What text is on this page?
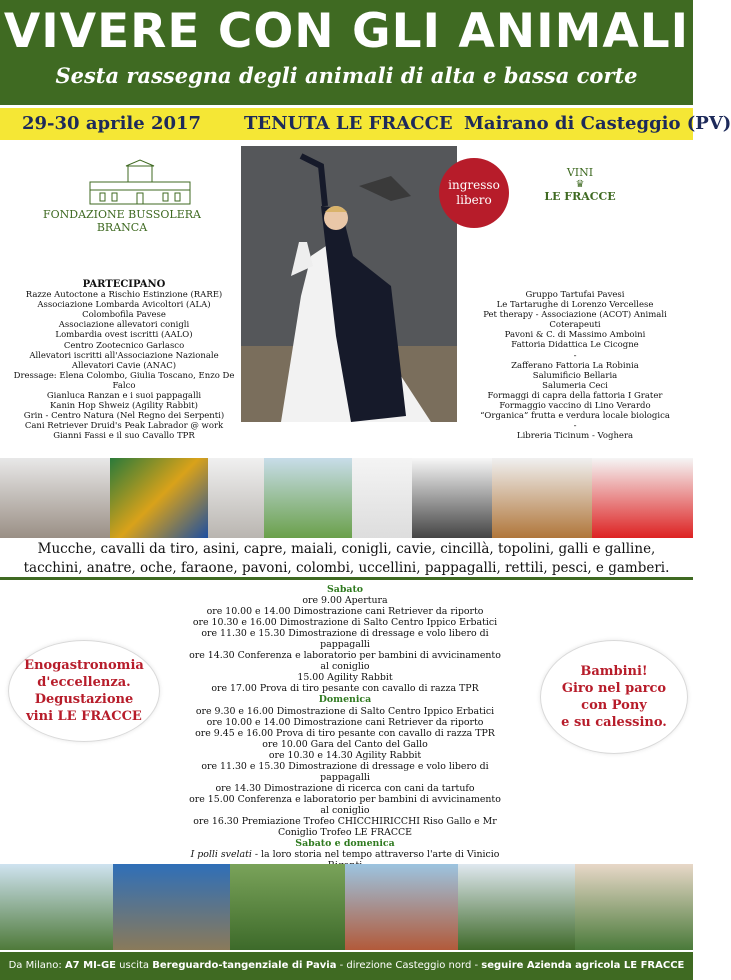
VIVERE CON GLI ANIMALI
Sesta rassegna degli animali di alta e bassa corte
29-30 aprile 2017 TENUTA LE FRACCE Mairano di Casteggio (PV)
FONDAZIONE BUSSOLERA BRANCA
VINI
♛
LE FRACCE
PARTECIPANO
Razze Autoctone a Rischio Estinzione (RARE)
Associazione Lombarda Avicoltori (ALA)
Colombofila Pavese
Associazione allevatori conigli
Lombardia ovest iscritti (AALO)
Centro Zootecnico Garlasco
Allevatori iscritti all'Associazione Nazionale
Allevatori Cavie (ANAC)
Dressage: Elena Colombo, Giulia Toscano, Enzo De Falco
Gianluca Ranzan e i suoi pappagalli
Kanin Hop Shweiz (Agility Rabbit)
Grin - Centro Natura (Nel Regno dei Serpenti)
Cani Retriever Druid's Peak Labrador @ work
Gianni Fassi e il suo Cavallo TPR
ingresso
libero
Gruppo Tartufai Pavesi
Le Tartarughe di Lorenzo Vercellese
Pet therapy - Associazione (ACOT) Animali Coterapeuti
Pavoni & C. di Massimo Amboini
Fattoria Didattica Le Cicogne
-
Zafferano Fattoria La Robinia
Salumificio Bellaria
Salumeria Ceci
Formaggi di capra della fattoria I Grater
Formaggio vaccino di Lino Verardo
“Organica” frutta e verdura locale biologica
-
Libreria Ticinum - Voghera
Mucche, cavalli da tiro, asini, capre, maiali, conigli, cavie, cincillà, topolini, galli e galline,
tacchini, anatre, oche, faraone, pavoni, colombi, uccellini, pappagalli, rettili, pesci, e gamberi.
Sabato
ore 9.00 Apertura
ore 10.00 e 14.00 Dimostrazione cani Retriever da riporto
ore 10.30 e 16.00 Dimostrazione di Salto Centro Ippico Erbatici
ore 11.30 e 15.30 Dimostrazione di dressage e volo libero di pappagalli
ore 14.30 Conferenza e laboratorio per bambini di avvicinamento al coniglio
15.00 Agility Rabbit
ore 17.00 Prova di tiro pesante con cavallo di razza TPR
Domenica
ore 9.30 e 16.00 Dimostrazione di Salto Centro Ippico Erbatici
ore 10.00 e 14.00 Dimostrazione cani Retriever da riporto
ore 9.45 e 16.00 Prova di tiro pesante con cavallo di razza TPR
ore 10.00 Gara del Canto del Gallo
ore 10.30 e 14.30 Agility Rabbit
ore 11.30 e 15.30 Dimostrazione di dressage e volo libero di pappagalli
ore 14.30 Dimostrazione di ricerca con cani da tartufo
ore 15.00 Conferenza e laboratorio per bambini di avvicinamento al coniglio
ore 16.30 Premiazione Trofeo CHICCHIRICCHI Riso Gallo e Mr Coniglio Trofeo LE FRACCE
Sabato e domenica
I polli svelati - la loro storia nel tempo attraverso l'arte di Vinicio
Enogastronomia
d'eccellenza.
Degustazione
vini LE FRACCE
Bambini!
Giro nel parco
con Pony
e su calessino.
Da Milano: A7 MI-GE uscita Bereguardo-tangenziale di Pavia - direzione Casteggio nord - seguire Azienda agricola LE FRACCE
